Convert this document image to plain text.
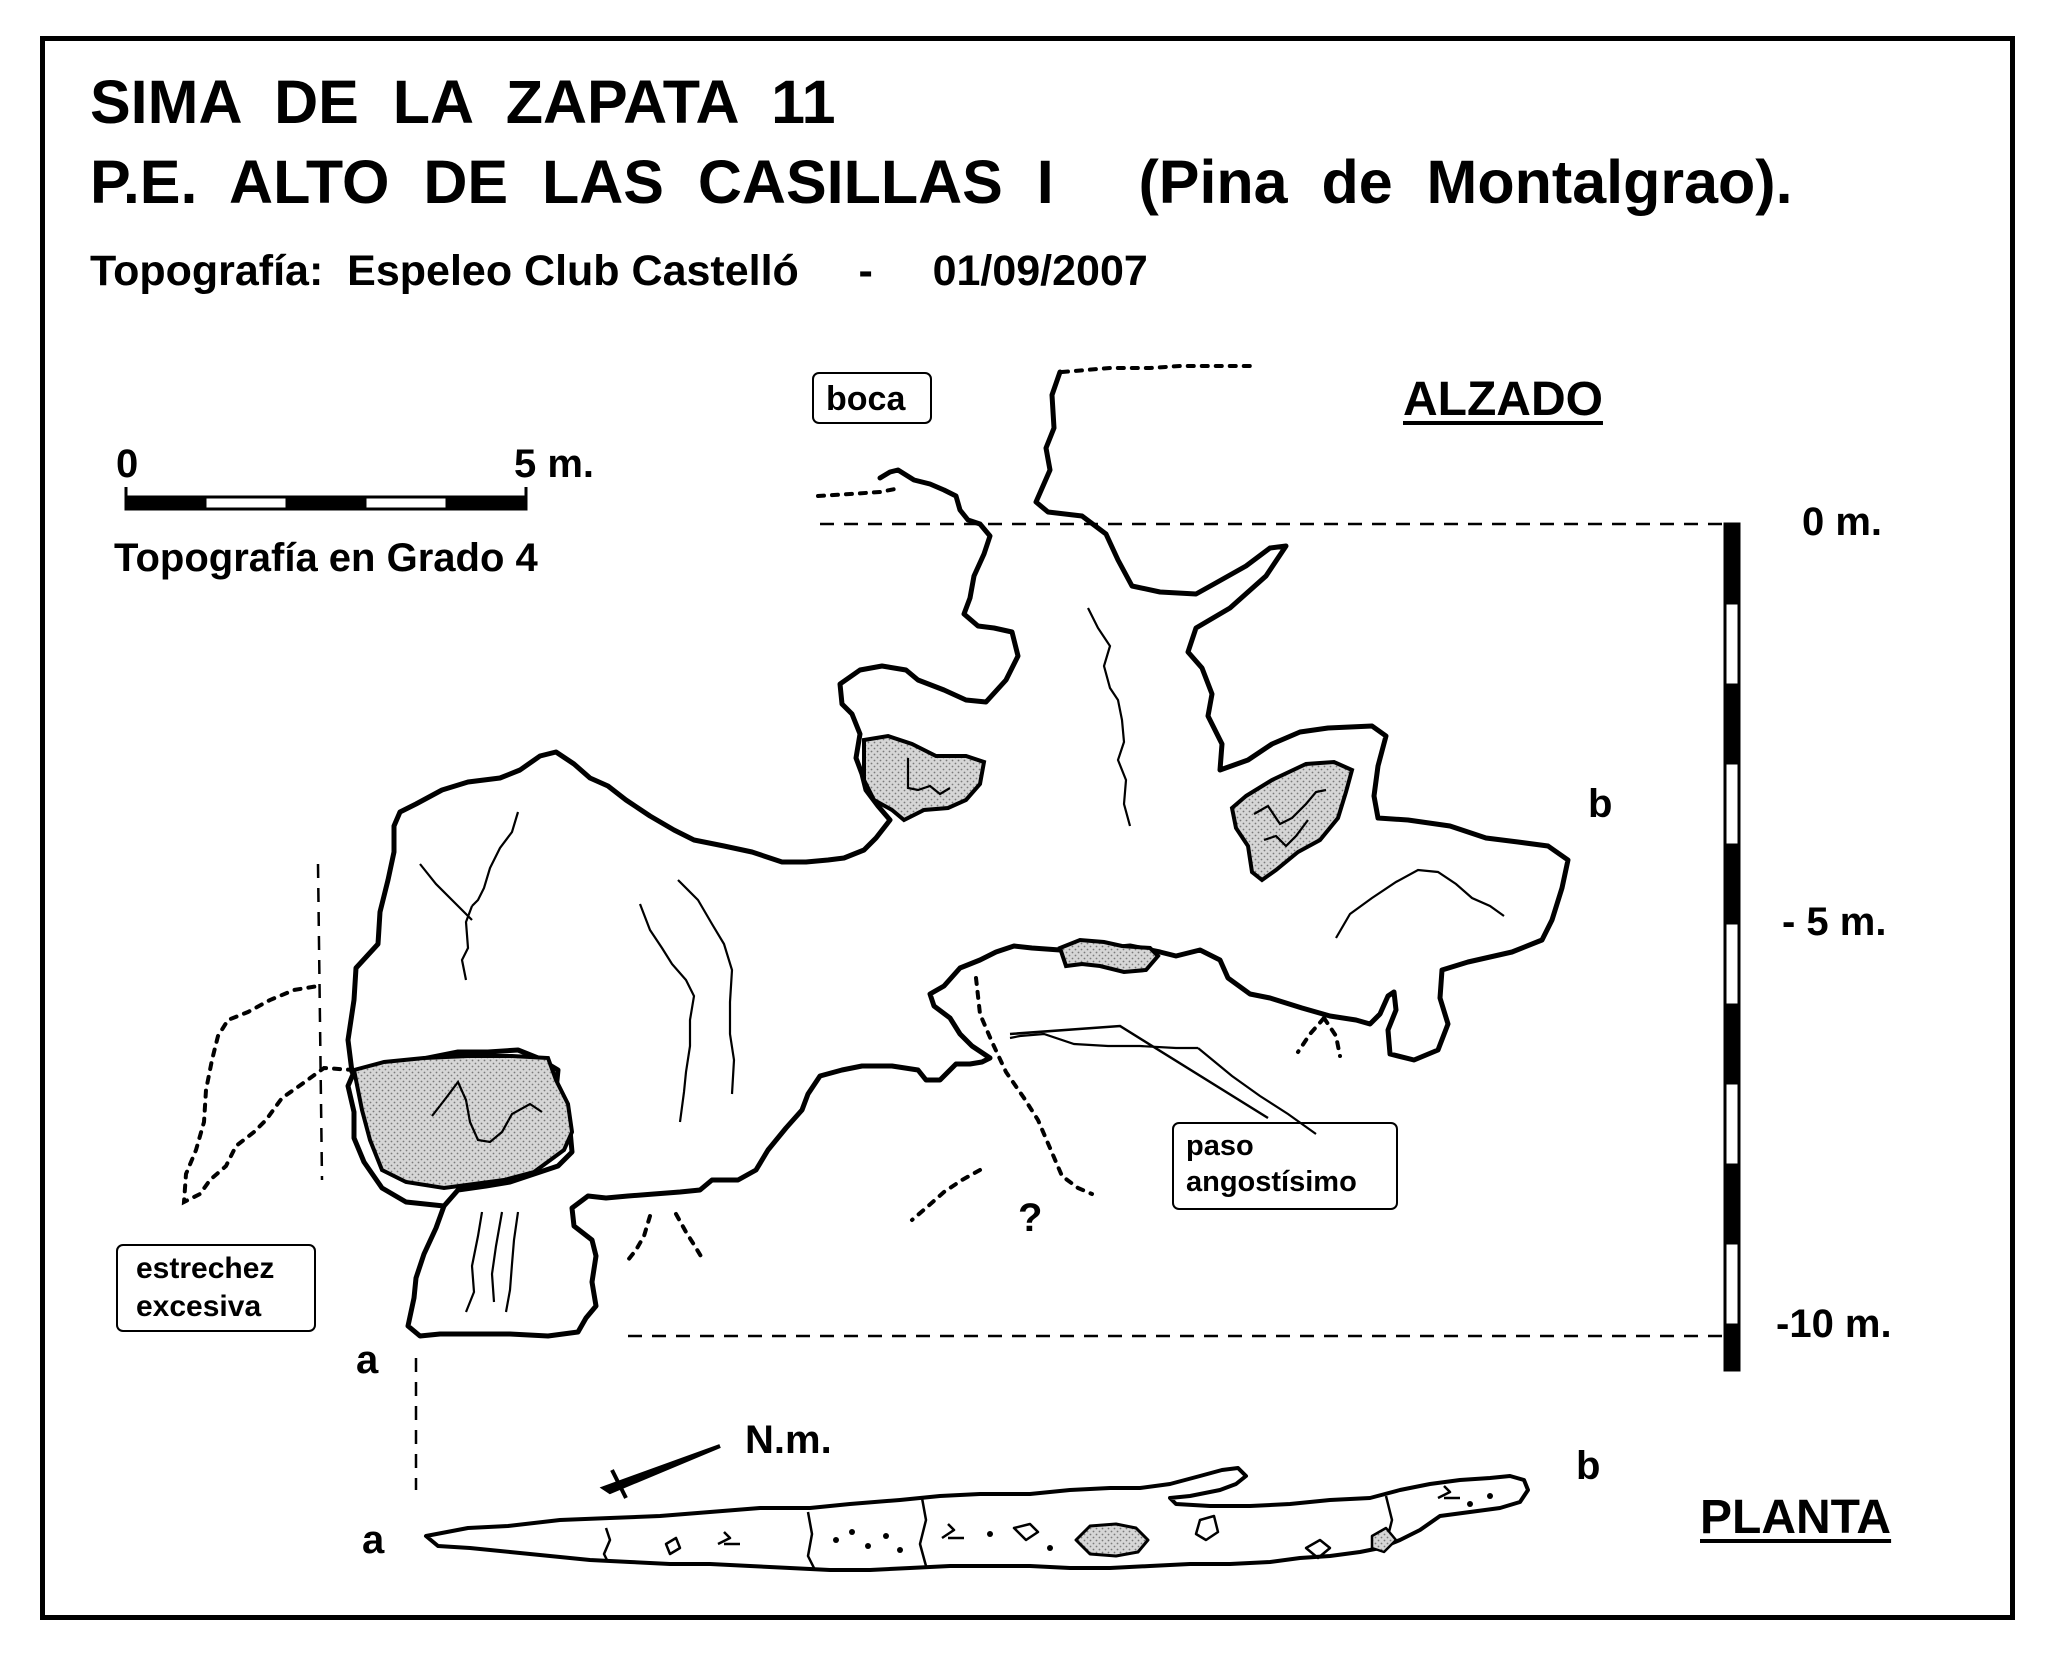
SIMA  DE  LA  ZAPATA  11
P.E.  ALTO  DE  LAS  CASILLAS  I     (Pina  de  Montalgrao).
Topografía:  Espeleo Club Castelló     -     01/09/2007
0	5 m.
Topografía en Grado 4
ALZADO
PLANTA
0 m.
- 5 m.
-10 m.
a
a
b
b
N.m.
?
boca
paso
angostísimo
estrechez
excesiva
